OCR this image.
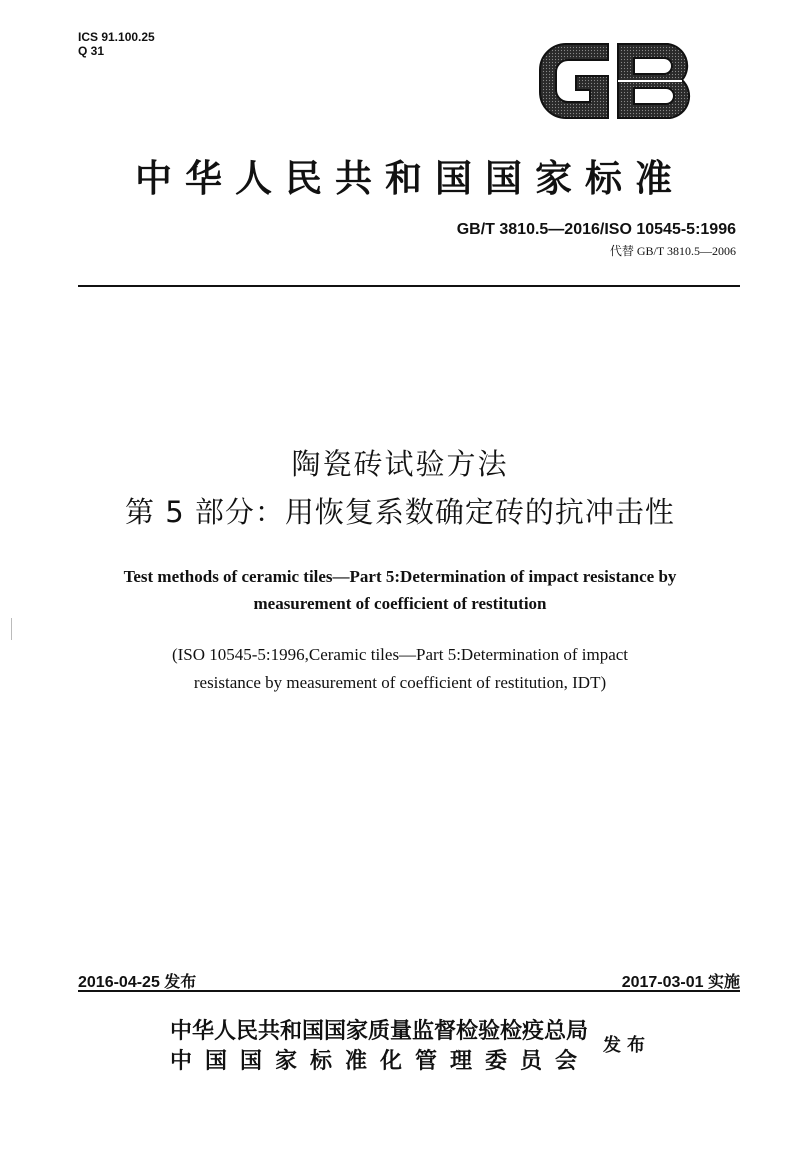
ICS 91.100.25
Q 31
中华人民共和国国家标准
GB/T 3810.5—2016/ISO 10545-5:1996
代替 GB/T 3810.5—2006
陶瓷砖试验方法
第 5 部分：用恢复系数确定砖的抗冲击性
Test methods of ceramic tiles—Part 5:Determination of impact resistance by
measurement of coefficient of restitution
(ISO 10545-5:1996,Ceramic tiles—Part 5:Determination of impact
resistance by measurement of coefficient of restitution, IDT)
2016-04-25 发布	2017-03-01 实施
中华人民共和国国家质量监督检验检疫总局
中国国家标准化管理委员会
发布
